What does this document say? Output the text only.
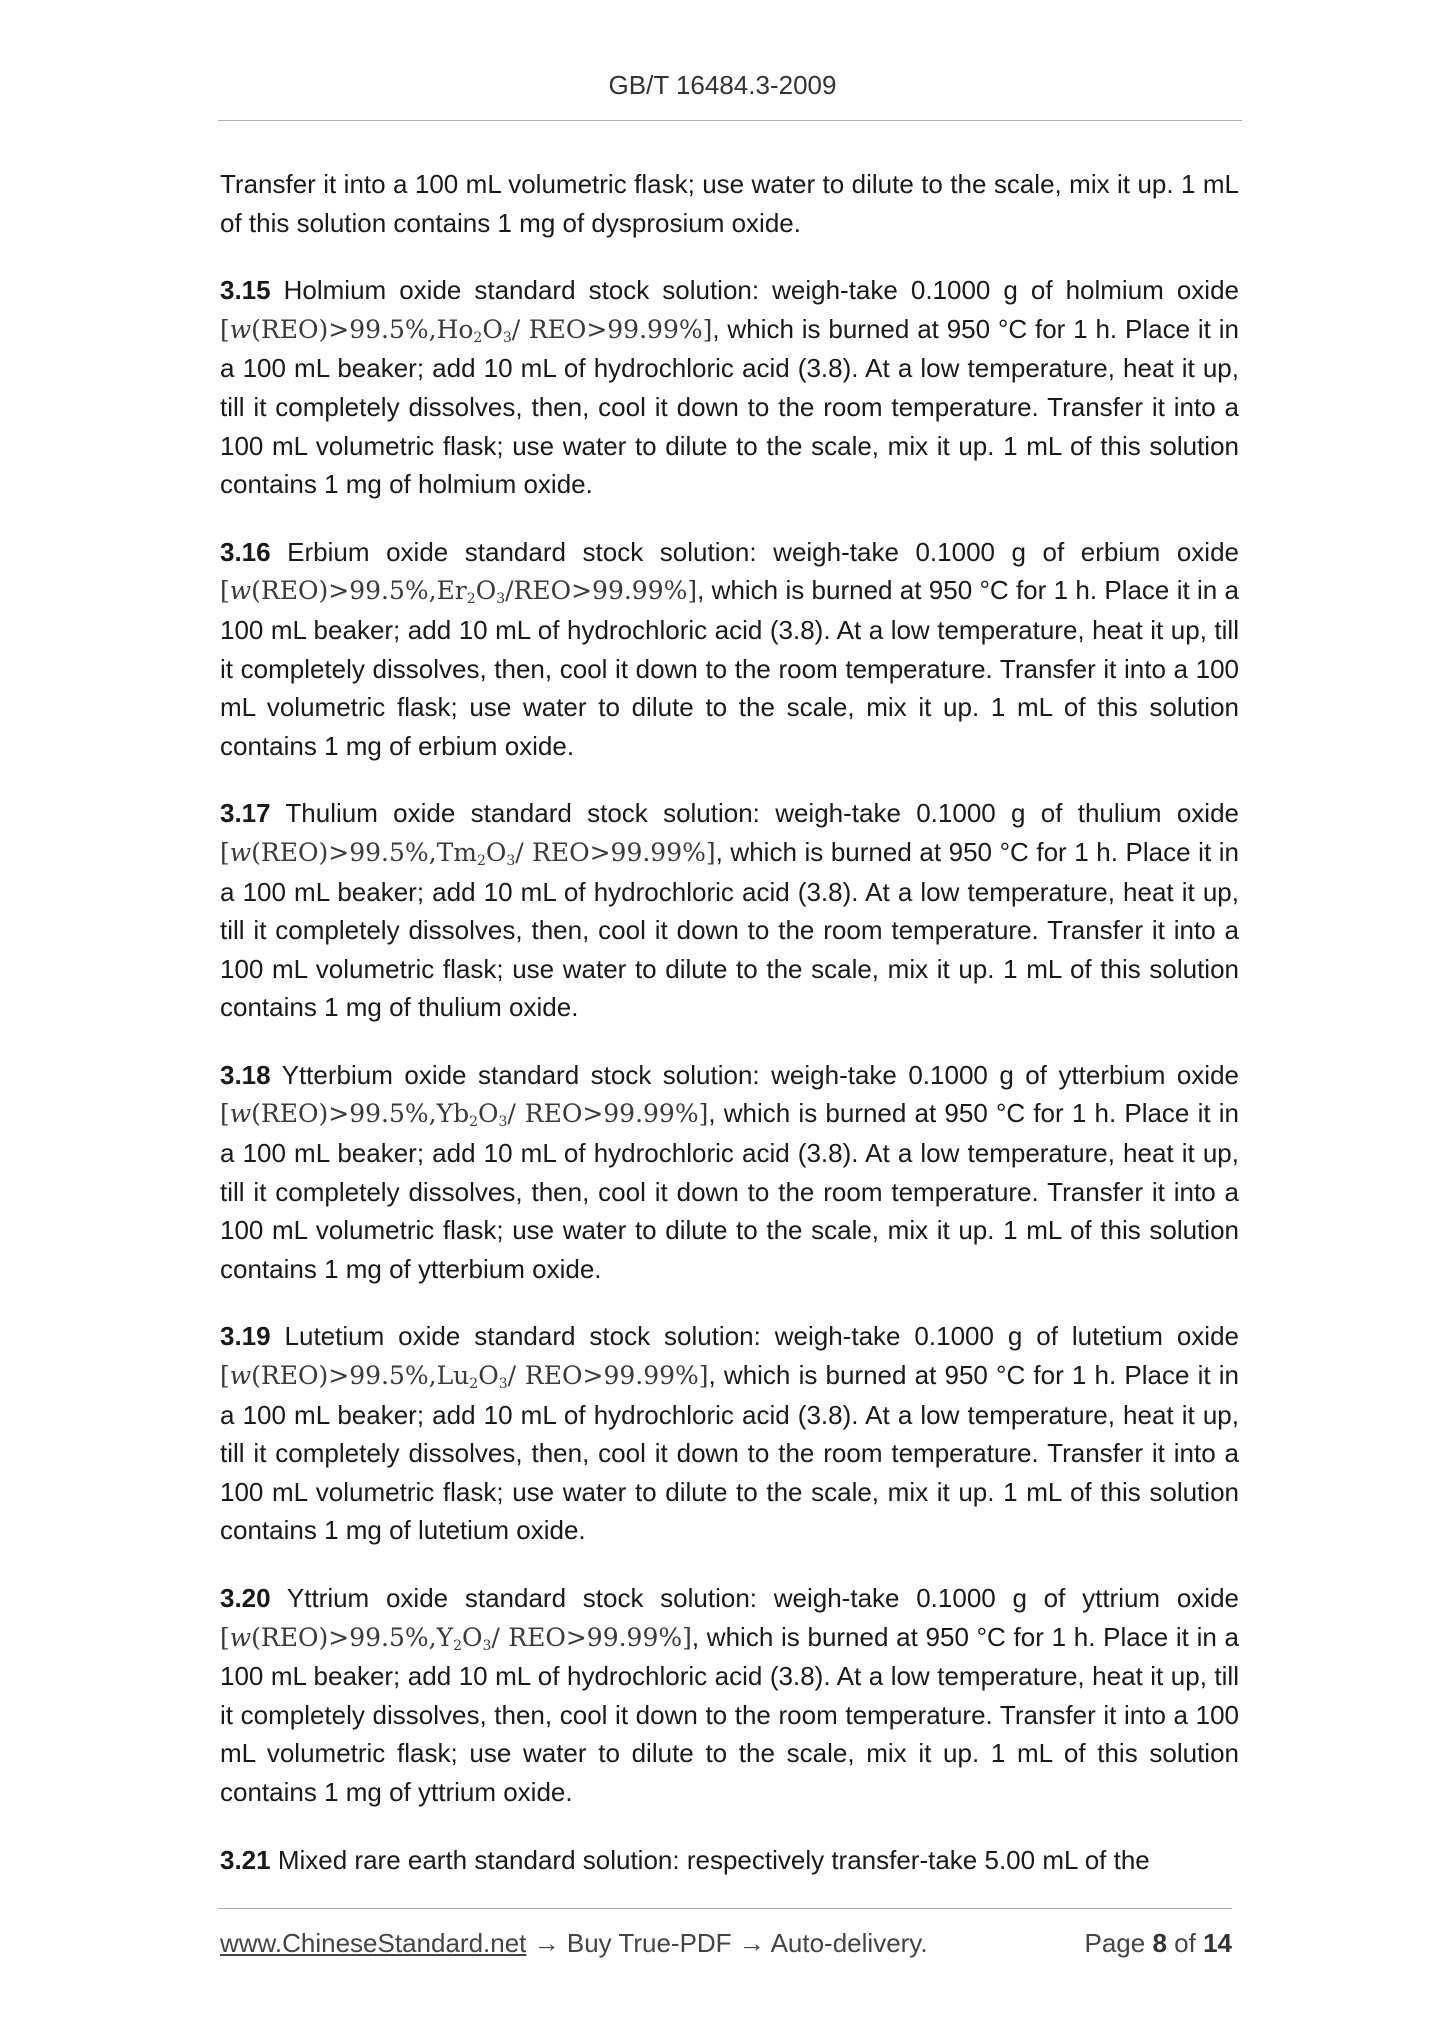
GB/T 16484.3-2009

Transfer it into a 100 mL volumetric flask; use water to dilute to the scale, mix it up. 1 mL of this solution contains 1 mg of dysprosium oxide.

3.15 Holmium oxide standard stock solution: weigh-take 0.1000 g of holmium oxide [$w(REO)>99.5\%,Ho_2O_3/$ REO>99.99%], which is burned at 950 °C for 1 h. Place it in a 100 mL beaker; add 10 mL of hydrochloric acid (3.8). At a low temperature, heat it up, till it completely dissolves, then, cool it down to the room temperature. Transfer it into a 100 mL volumetric flask; use water to dilute to the scale, mix it up. 1 mL of this solution contains 1 mg of holmium oxide.

3.16 Erbium oxide standard stock solution: weigh-take 0.1000 g of erbium oxide $[w(REO)>99.5\%,Er_2O_3/REO>99.99\%]$, which is burned at 950 °C for 1 h. Place it in a 100 mL beaker; add 10 mL of hydrochloric acid (3.8). At a low temperature, heat it up, till it completely dissolves, then, cool it down to the room temperature. Transfer it into a 100 mL volumetric flask; use water to dilute to the scale, mix it up. 1 mL of this solution contains 1 mg of erbium oxide.

3.17 Thulium oxide standard stock solution: weigh-take 0.1000 g of thulium oxide [$w(REO)>99.5\%,Tm_2O_3/$ REO>99.99%], which is burned at 950 °C for 1 h. Place it in a 100 mL beaker; add 10 mL of hydrochloric acid (3.8). At a low temperature, heat it up, till it completely dissolves, then, cool it down to the room temperature. Transfer it into a 100 mL volumetric flask; use water to dilute to the scale, mix it up. 1 mL of this solution contains 1 mg of thulium oxide.

3.18 Ytterbium oxide standard stock solution: weigh-take 0.1000 g of ytterbium oxide [$w(REO)>99.5\%,Yb_2O_3/$ REO>99.99%], which is burned at 950 °C for 1 h. Place it in a 100 mL beaker; add 10 mL of hydrochloric acid (3.8). At a low temperature, heat it up, till it completely dissolves, then, cool it down to the room temperature. Transfer it into a 100 mL volumetric flask; use water to dilute to the scale, mix it up. 1 mL of this solution contains 1 mg of ytterbium oxide.

3.19 Lutetium oxide standard stock solution: weigh-take 0.1000 g of lutetium oxide [$w(REO)>99.5\%,Lu_2O_3/$ REO>99.99%], which is burned at 950 °C for 1 h. Place it in a 100 mL beaker; add 10 mL of hydrochloric acid (3.8). At a low temperature, heat it up, till it completely dissolves, then, cool it down to the room temperature. Transfer it into a 100 mL volumetric flask; use water to dilute to the scale, mix it up. 1 mL of this solution contains 1 mg of lutetium oxide.

3.20 Yttrium oxide standard stock solution: weigh-take 0.1000 g of yttrium oxide [$w(REO)>99.5\%,Y_2O_3/$ REO>99.99%], which is burned at 950 °C for 1 h. Place it in a 100 mL beaker; add 10 mL of hydrochloric acid (3.8). At a low temperature, heat it up, till it completely dissolves, then, cool it down to the room temperature. Transfer it into a 100 mL volumetric flask; use water to dilute to the scale, mix it up. 1 mL of this solution contains 1 mg of yttrium oxide.

3.21 Mixed rare earth standard solution: respectively transfer-take 5.00 mL of the

www.ChineseStandard.net → Buy True-PDF → Auto-delivery.	Page 8 of 14
